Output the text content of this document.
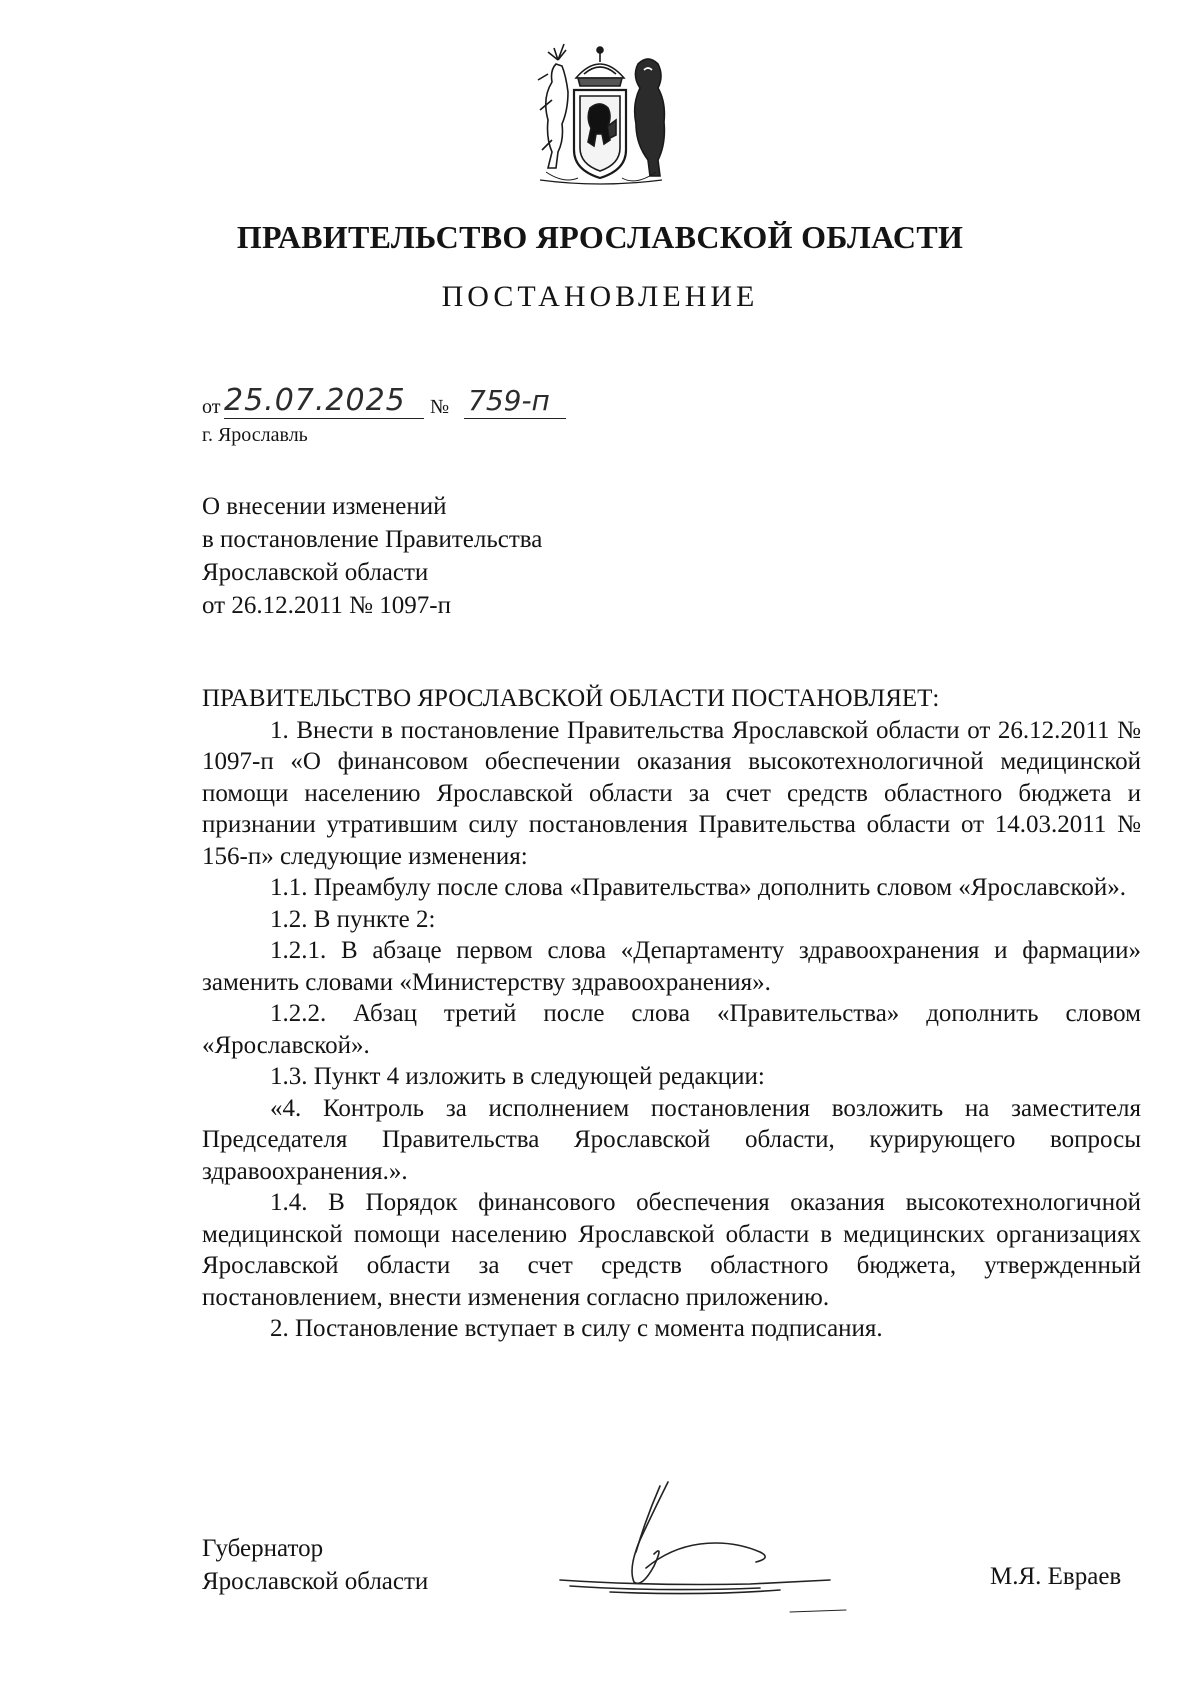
ПРАВИТЕЛЬСТВО ЯРОСЛАВСКОЙ ОБЛАСТИ
ПОСТАНОВЛЕНИЕ
от 25.07.2025	№ 759-п
г. Ярославль
О внесении изменений
в постановление Правительства
Ярославской области
от 26.12.2011 № 1097-п
ПРАВИТЕЛЬСТВО ЯРОСЛАВСКОЙ ОБЛАСТИ ПОСТАНОВЛЯЕТ:
1. Внести в постановление Правительства Ярославской области от 26.12.2011 № 1097-п «О финансовом обеспечении оказания высокотехнологичной медицинской помощи населению Ярославской области за счет средств областного бюджета и признании утратившим силу постановления Правительства области от 14.03.2011 № 156-п» следующие изменения:
1.1. Преамбулу после слова «Правительства» дополнить словом «Ярославской».
1.2. В пункте 2:
1.2.1. В абзаце первом слова «Департаменту здравоохранения и фармации» заменить словами «Министерству здравоохранения».
1.2.2. Абзац третий после слова «Правительства» дополнить словом «Ярославской».
1.3. Пункт 4 изложить в следующей редакции:
«4. Контроль за исполнением постановления возложить на заместителя Председателя Правительства Ярославской области, курирующего вопросы здравоохранения.».
1.4. В Порядок финансового обеспечения оказания высокотехнологичной медицинской помощи населению Ярославской области в медицинских организациях Ярославской области за счет средств областного бюджета, утвержденный постановлением, внести изменения согласно приложению.
2. Постановление вступает в силу с момента подписания.
Губернатор
Ярославской области	М.Я. Евраев
